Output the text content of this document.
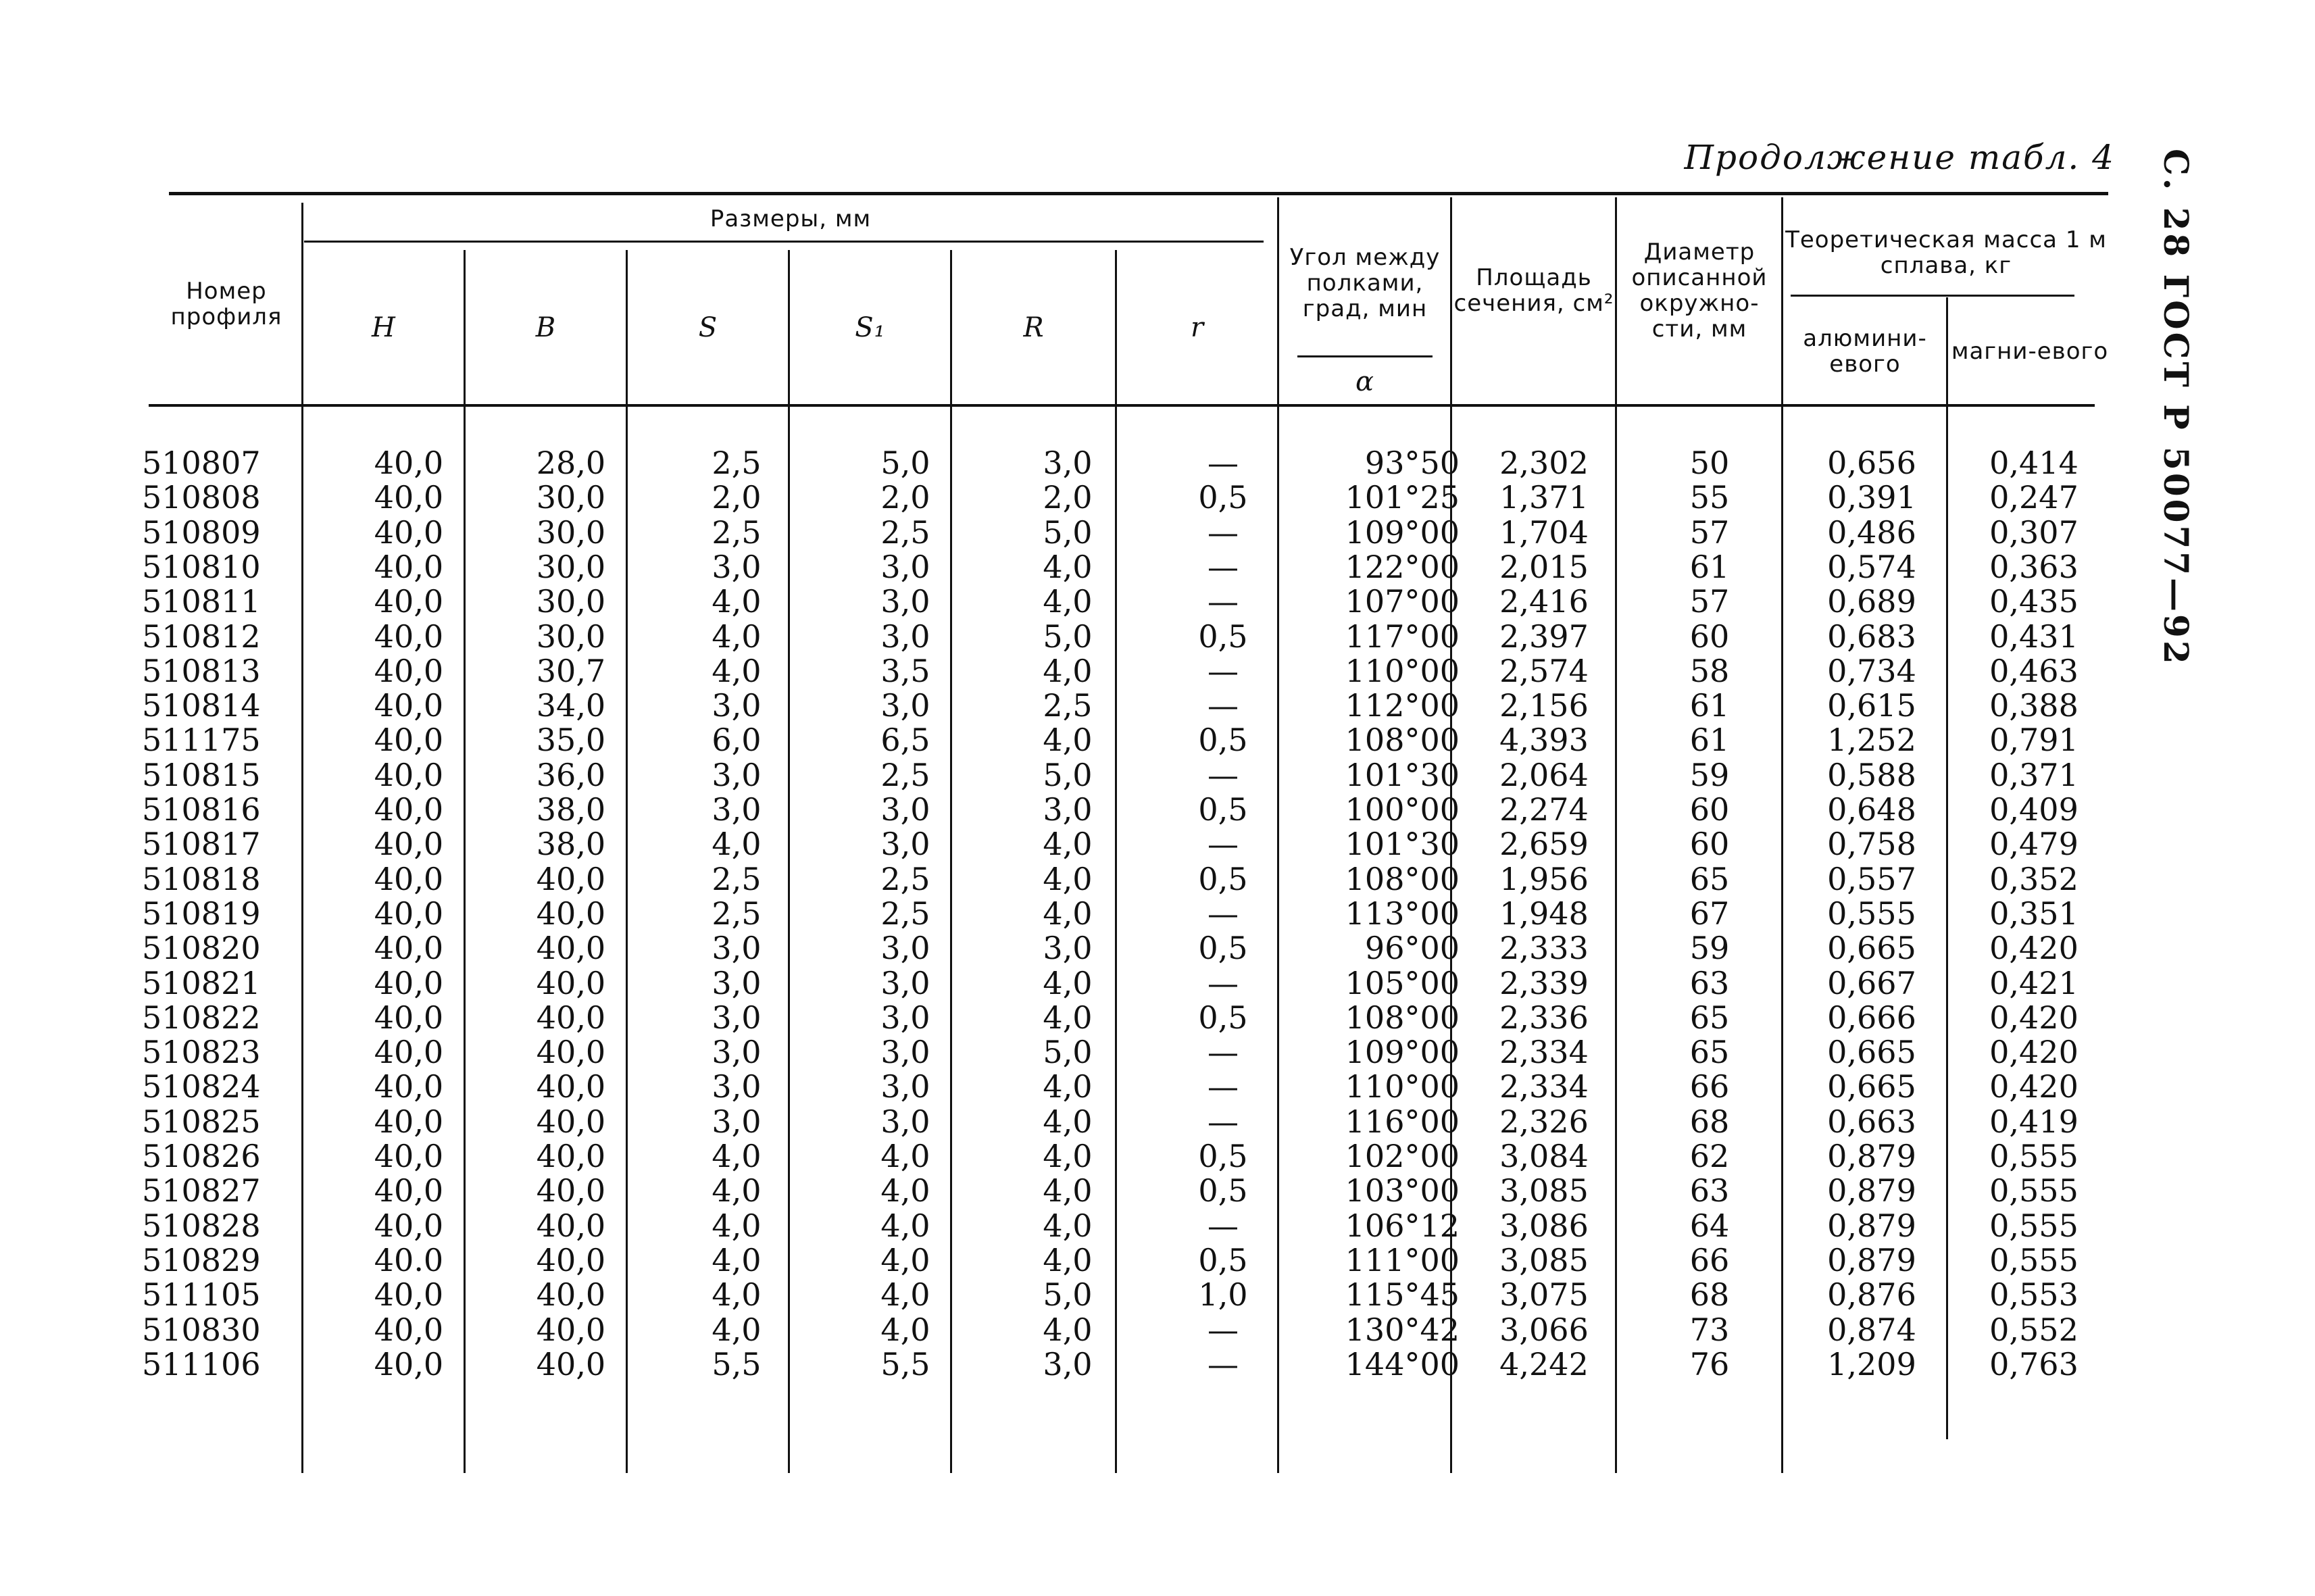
Продолжение табл. 4	С. 28 ГОСТ Р 50077—92
Номер профиля
Размеры, мм
H	B	S	S₁	R	r
Угол между полками, град, мин
α
Площадь сечения, см²
Диаметр описанной окружно-сти, мм
Теоретическая масса 1 м сплава, кг
алюмини-евого	магни-евого
510807	40,0	28,0	2,5	5,0	3,0	—	93°50	2,302	50	0,656	0,414
510808	40,0	30,0	2,0	2,0	2,0	0,5	101°25	1,371	55	0,391	0,247
510809	40,0	30,0	2,5	2,5	5,0	—	109°00	1,704	57	0,486	0,307
510810	40,0	30,0	3,0	3,0	4,0	—	122°00	2,015	61	0,574	0,363
510811	40,0	30,0	4,0	3,0	4,0	—	107°00	2,416	57	0,689	0,435
510812	40,0	30,0	4,0	3,0	5,0	0,5	117°00	2,397	60	0,683	0,431
510813	40,0	30,7	4,0	3,5	4,0	—	110°00	2,574	58	0,734	0,463
510814	40,0	34,0	3,0	3,0	2,5	—	112°00	2,156	61	0,615	0,388
511175	40,0	35,0	6,0	6,5	4,0	0,5	108°00	4,393	61	1,252	0,791
510815	40,0	36,0	3,0	2,5	5,0	—	101°30	2,064	59	0,588	0,371
510816	40,0	38,0	3,0	3,0	3,0	0,5	100°00	2,274	60	0,648	0,409
510817	40,0	38,0	4,0	3,0	4,0	—	101°30	2,659	60	0,758	0,479
510818	40,0	40,0	2,5	2,5	4,0	0,5	108°00	1,956	65	0,557	0,352
510819	40,0	40,0	2,5	2,5	4,0	—	113°00	1,948	67	0,555	0,351
510820	40,0	40,0	3,0	3,0	3,0	0,5	96°00	2,333	59	0,665	0,420
510821	40,0	40,0	3,0	3,0	4,0	—	105°00	2,339	63	0,667	0,421
510822	40,0	40,0	3,0	3,0	4,0	0,5	108°00	2,336	65	0,666	0,420
510823	40,0	40,0	3,0	3,0	5,0	—	109°00	2,334	65	0,665	0,420
510824	40,0	40,0	3,0	3,0	4,0	—	110°00	2,334	66	0,665	0,420
510825	40,0	40,0	3,0	3,0	4,0	—	116°00	2,326	68	0,663	0,419
510826	40,0	40,0	4,0	4,0	4,0	0,5	102°00	3,084	62	0,879	0,555
510827	40,0	40,0	4,0	4,0	4,0	0,5	103°00	3,085	63	0,879	0,555
510828	40,0	40,0	4,0	4,0	4,0	—	106°12	3,086	64	0,879	0,555
510829	40.0	40,0	4,0	4,0	4,0	0,5	111°00	3,085	66	0,879	0,555
511105	40,0	40,0	4,0	4,0	5,0	1,0	115°45	3,075	68	0,876	0,553
510830	40,0	40,0	4,0	4,0	4,0	—	130°42	3,066	73	0,874	0,552
511106	40,0	40,0	5,5	5,5	3,0	—	144°00	4,242	76	1,209	0,763
